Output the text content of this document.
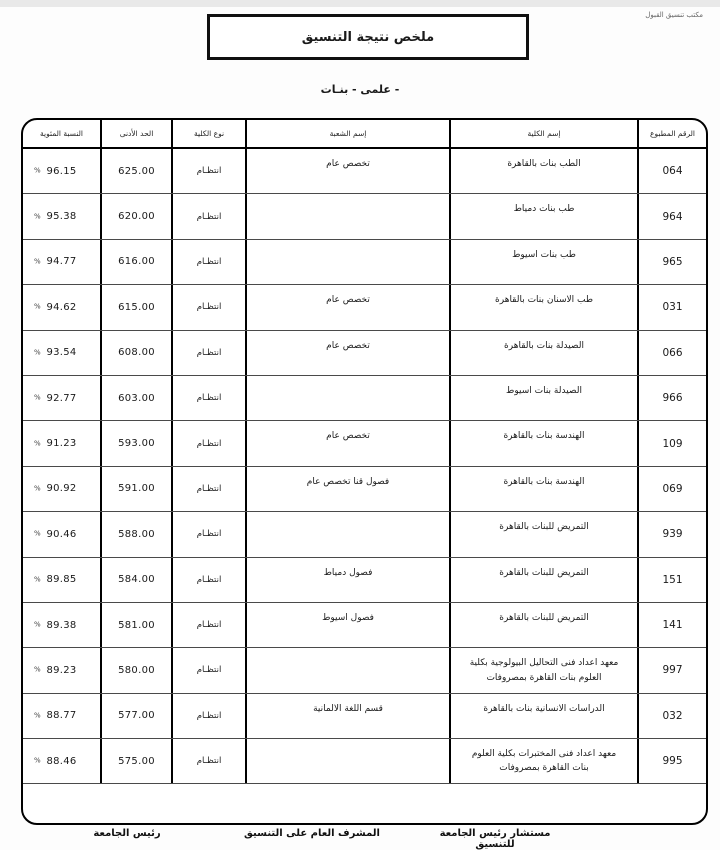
مكتب تنسيق القبول
ملخص نتيجة التنسيق
- علمى - بنـات
الرقم المطبوع
إسم الكلية
إسم الشعبة
نوع الكلية
الحد الأدنى
النسبة المئوية
064
الطب بنات بالقاهرة
تخصص عام
انتظـام
625.00
% 96.15
964
طب بنات دمياط
انتظـام
620.00
% 95.38
965
طب بنات اسيوط
انتظـام
616.00
% 94.77
031
طب الاسنان بنات بالقاهرة
تخصص عام
انتظـام
615.00
% 94.62
066
الصيدلة بنات بالقاهرة
تخصص عام
انتظـام
608.00
% 93.54
966
الصيدلة بنات اسيوط
انتظـام
603.00
% 92.77
109
الهندسة بنات بالقاهرة
تخصص عام
انتظـام
593.00
% 91.23
069
الهندسة بنات بالقاهرة
فصول قنا تخصص عام
انتظـام
591.00
% 90.92
939
التمريض للبنات بالقاهرة
انتظـام
588.00
% 90.46
151
التمريض للبنات بالقاهرة
فصول دمياط
انتظـام
584.00
% 89.85
141
التمريض للبنات بالقاهرة
فصول اسيوط
انتظـام
581.00
% 89.38
997
معهد اعداد فنى التحاليل البيولوجية بكلية العلوم بنات القاهرة بمصروفات
انتظـام
580.00
% 89.23
032
الدراسات الانسانية بنات بالقاهرة
قسم اللغة الالمانية
انتظـام
577.00
% 88.77
995
معهد اعداد فنى المختبرات بكلية العلوم بنات القاهرة بمصروفات
انتظـام
575.00
% 88.46
مستشار رئيس الجامعة للتنسيق
المشرف العام على التنسيق
رئيس الجامعة
